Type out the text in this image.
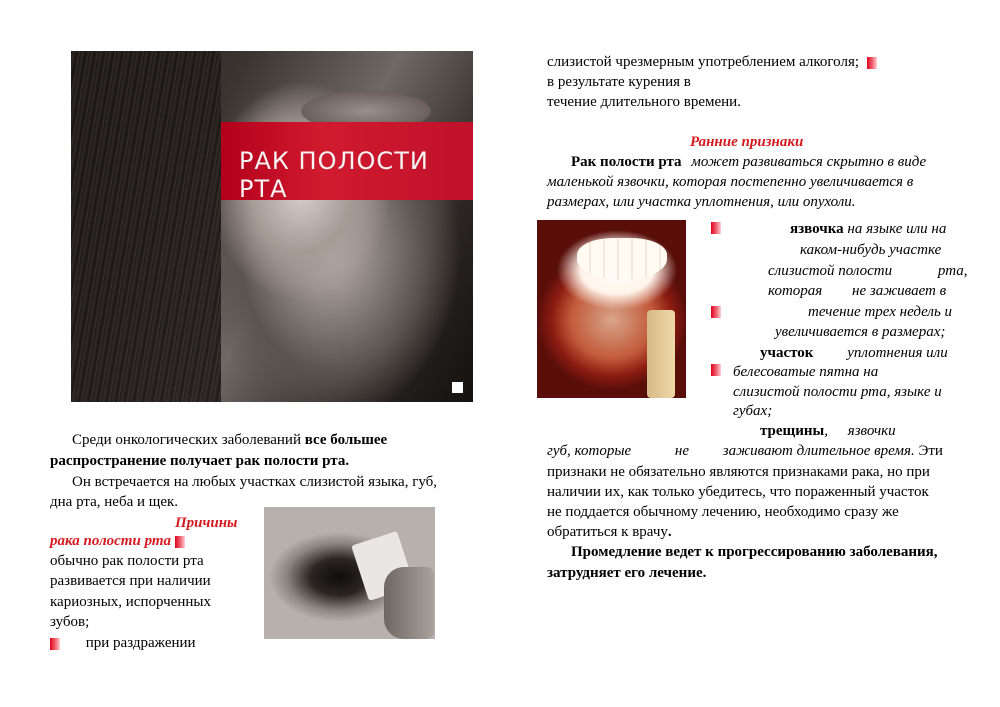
РАК ПОЛОСТИ РТА
Среди онкологических заболеваний все большее
распространение получает рак полости рта.
Он встречается на любых участках слизистой языка, губ,
дна рта, неба и щек.
Причины
рака полости рта
обычно рак полости рта
развивается при наличии
кариозных, испорченных
зубов;
при раздражении
слизистой чрезмерным употреблением алкоголя;
в результате курения в
течение длительного времени.
Ранние признаки
Рак полости рта может развиваться скрытно в виде
маленькой язвочки, которая постепенно увеличивается в
размерах, или участка уплотнения, или опухоли.
язвочка на языке или на
каком-нибудь участке
слизистой полости	рта,
которая не заживает в
течение трех недель и
увеличивается в размерах;
участок уплотнения или
белесоватые пятна на
слизистой полости рта, языке и
губах;
трещины, язвочки
губ, которые	не заживают длительное время. Эти
признаки не обязательно являются признаками рака, но при
наличии их, как только убедитесь, что пораженный участок
не поддается обычному лечению, необходимо сразу же
обратиться к врачу.
Промедление ведет к прогрессированию заболевания,
затрудняет его лечение.
